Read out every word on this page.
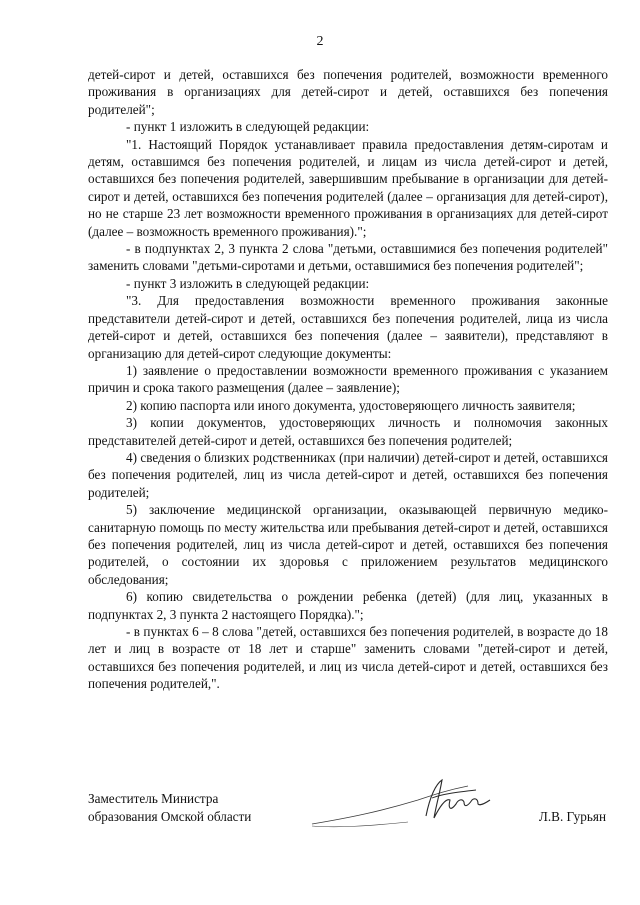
2

детей-сирот и детей, оставшихся без попечения родителей, возможности временного проживания в организациях для детей-сирот и детей, оставшихся без попечения родителей";

- пункт 1 изложить в следующей редакции:

"1. Настоящий Порядок устанавливает правила предоставления детям-сиротам и детям, оставшимся без попечения родителей, и лицам из числа детей-сирот и детей, оставшихся без попечения родителей, завершившим пребывание в организации для детей-сирот и детей, оставшихся без попечения родителей (далее – организация для детей-сирот), но не старше 23 лет возможности временного проживания в организациях для детей-сирот (далее – возможность временного проживания).";

- в подпунктах 2, 3 пункта 2 слова "детьми, оставшимися без попечения родителей" заменить словами "детьми-сиротами и детьми, оставшимися без попечения родителей";

- пункт 3 изложить в следующей редакции:

"3. Для предоставления возможности временного проживания законные представители детей-сирот и детей, оставшихся без попечения родителей, лица из числа детей-сирот и детей, оставшихся без попечения (далее – заявители), представляют в организацию для детей-сирот следующие документы:

1) заявление о предоставлении возможности временного проживания с указанием причин и срока такого размещения (далее – заявление);

2) копию паспорта или иного документа, удостоверяющего личность заявителя;

3) копии документов, удостоверяющих личность и полномочия законных представителей детей-сирот и детей, оставшихся без попечения родителей;

4) сведения о близких родственниках (при наличии) детей-сирот и детей, оставшихся без попечения родителей, лиц из числа детей-сирот и детей, оставшихся без попечения родителей;

5) заключение медицинской организации, оказывающей первичную медико-санитарную помощь по месту жительства или пребывания детей-сирот и детей, оставшихся без попечения родителей, лиц из числа детей-сирот и детей, оставшихся без попечения родителей, о состоянии их здоровья с приложением результатов медицинского обследования;

6) копию свидетельства о рождении ребенка (детей) (для лиц, указанных в подпунктах 2, 3 пункта 2 настоящего Порядка).";

- в пунктах 6 – 8 слова "детей, оставшихся без попечения родителей, в возрасте до 18 лет и лиц в возрасте от 18 лет и старше" заменить словами "детей-сирот и детей, оставшихся без попечения родителей, и лиц из числа детей-сирот и детей, оставшихся без попечения родителей,".

Заместитель Министра
образования Омской области	Л.В. Гурьян
